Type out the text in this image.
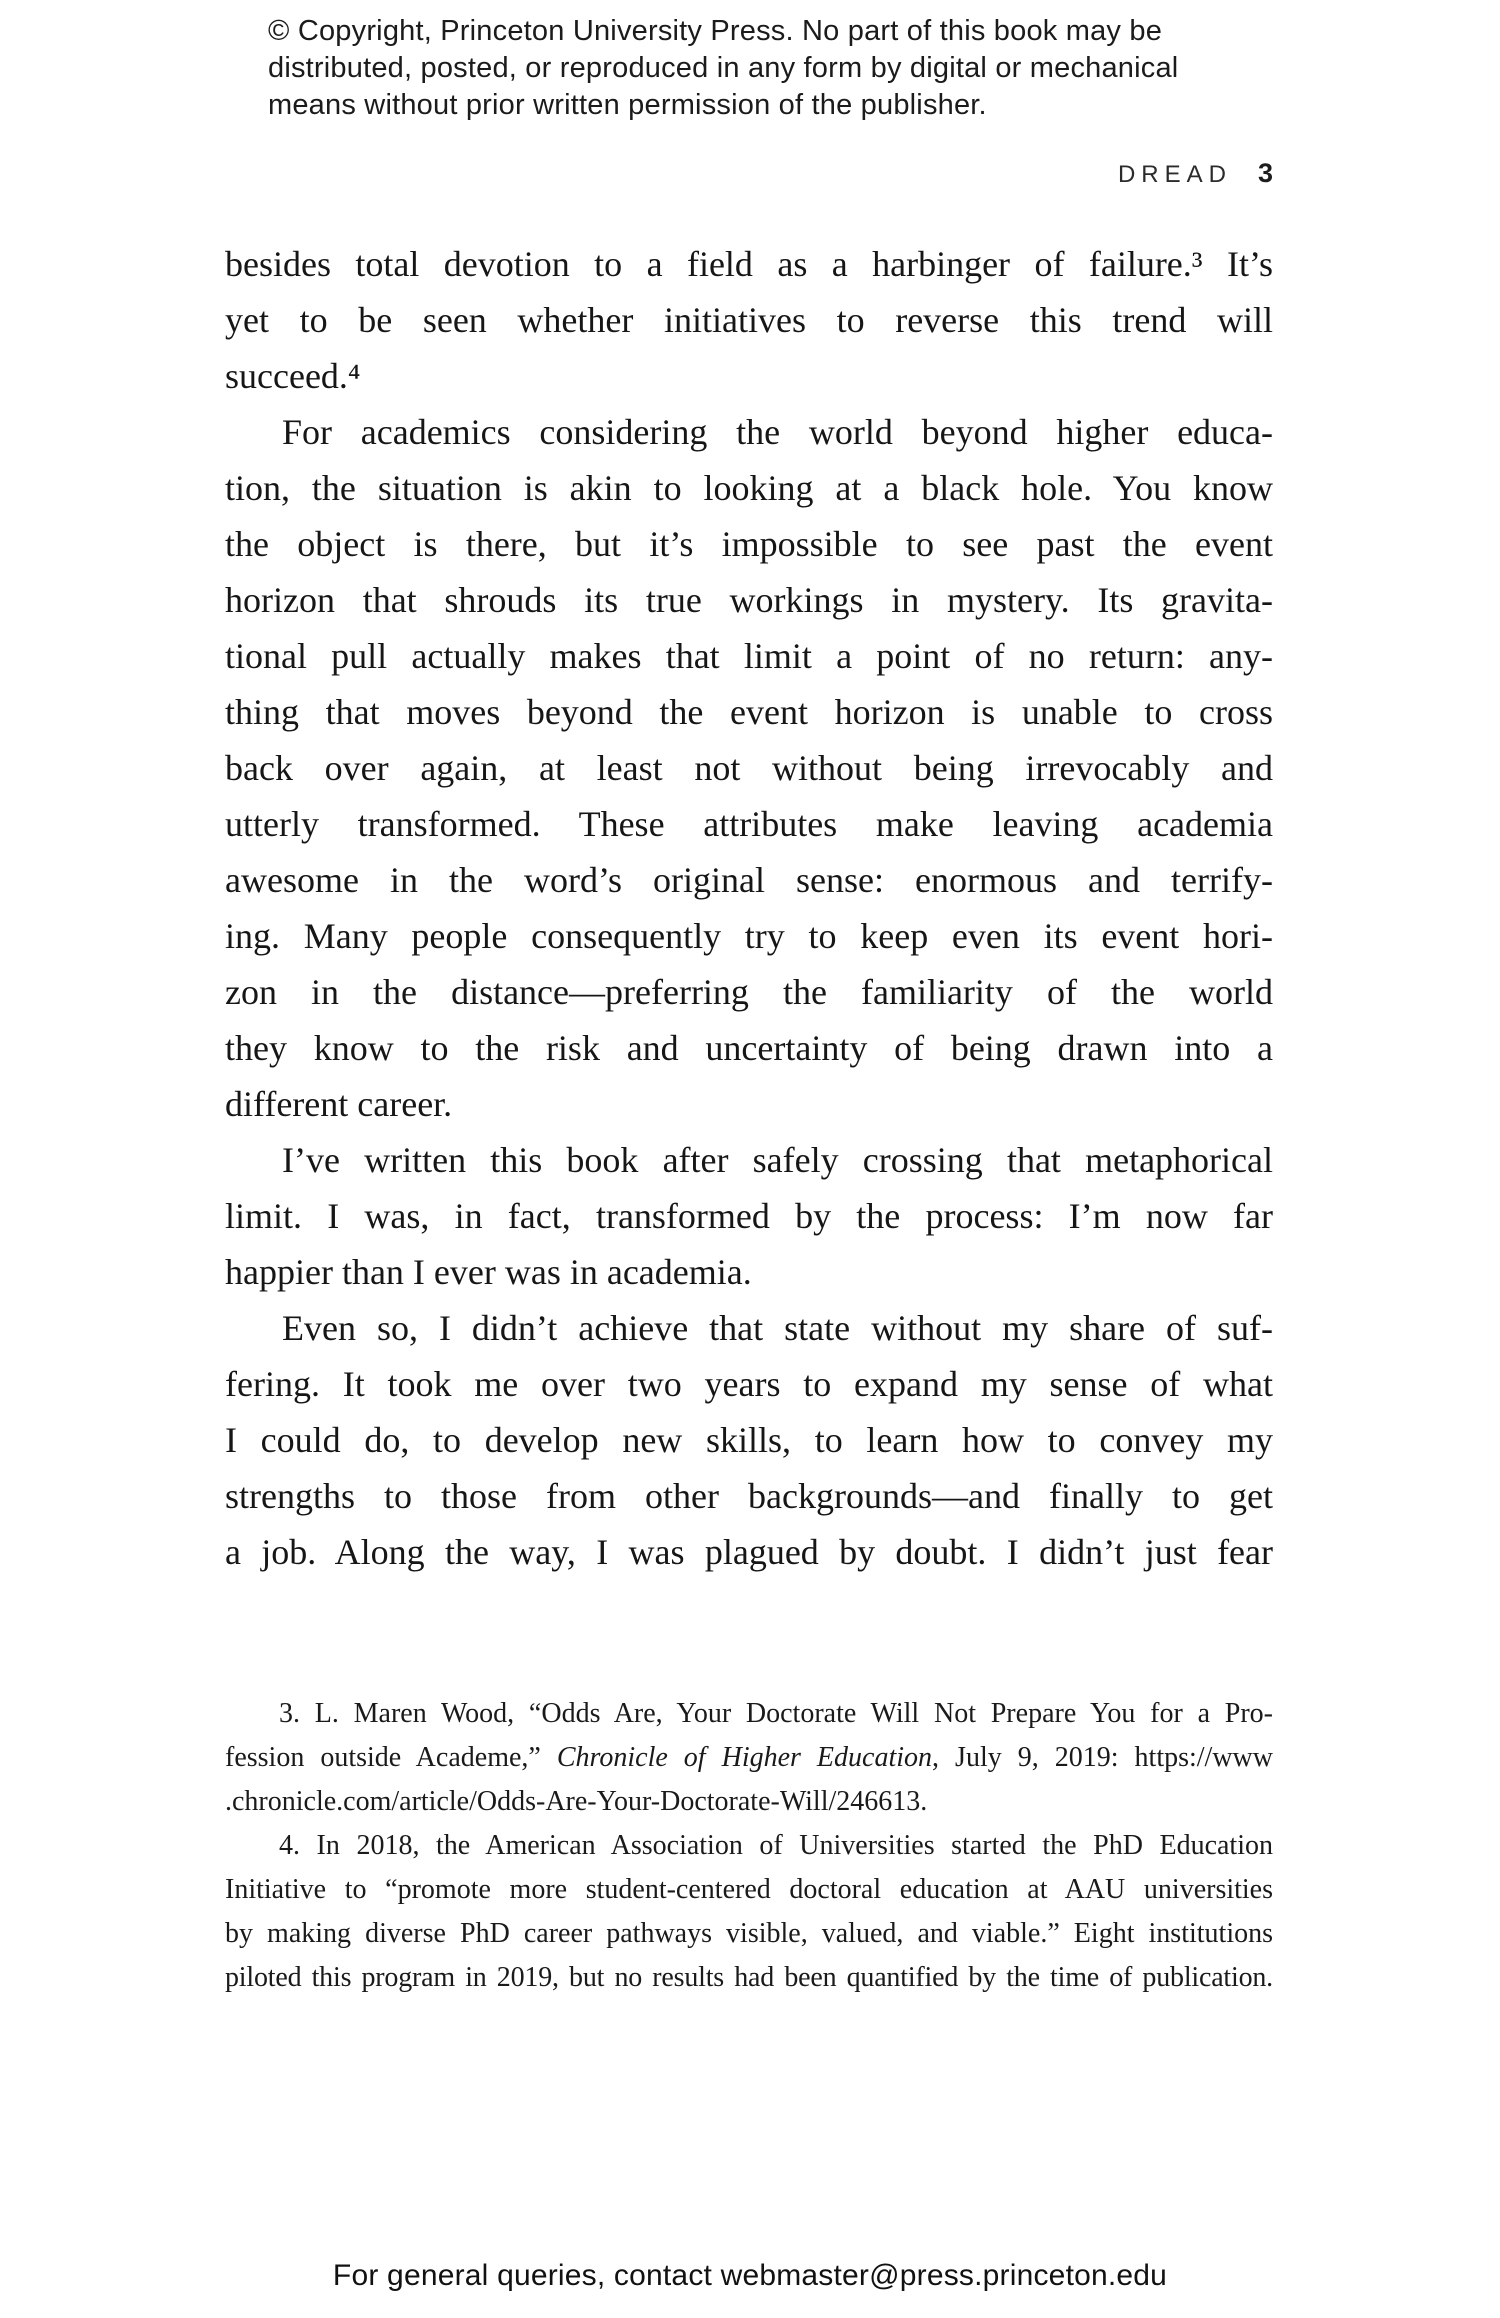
© Copyright, Princeton University Press. No part of this book may be
distributed, posted, or reproduced in any form by digital or mechanical
means without prior written permission of the publisher.
DREAD 3
besides total devotion to a field as a harbinger of failure.³ It’s
yet to be seen whether initiatives to reverse this trend will
succeed.⁴
For academics considering the world beyond higher educa-
tion, the situation is akin to looking at a black hole. You know
the object is there, but it’s impossible to see past the event
horizon that shrouds its true workings in mystery. Its gravita-
tional pull actually makes that limit a point of no return: any-
thing that moves beyond the event horizon is unable to cross
back over again, at least not without being irrevocably and
utterly transformed. These attributes make leaving academia
awesome in the word’s original sense: enormous and terrify-
ing. Many people consequently try to keep even its event hori-
zon in the distance—preferring the familiarity of the world
they know to the risk and uncertainty of being drawn into a
different career.
I’ve written this book after safely crossing that metaphorical
limit. I was, in fact, transformed by the process: I’m now far
happier than I ever was in academia.
Even so, I didn’t achieve that state without my share of suf-
fering. It took me over two years to expand my sense of what
I could do, to develop new skills, to learn how to convey my
strengths to those from other backgrounds—and finally to get
a job. Along the way, I was plagued by doubt. I didn’t just fear
3. L. Maren Wood, “Odds Are, Your Doctorate Will Not Prepare You for a Pro-
fession outside Academe,” Chronicle of Higher Education, July 9, 2019: https://www
.chronicle.com/article/Odds-Are-Your-Doctorate-Will/246613.
4. In 2018, the American Association of Universities started the PhD Education
Initiative to “promote more student-centered doctoral education at AAU universities
by making diverse PhD career pathways visible, valued, and viable.” Eight institutions
piloted this program in 2019, but no results had been quantified by the time of publication.
For general queries, contact webmaster@press.princeton.edu
